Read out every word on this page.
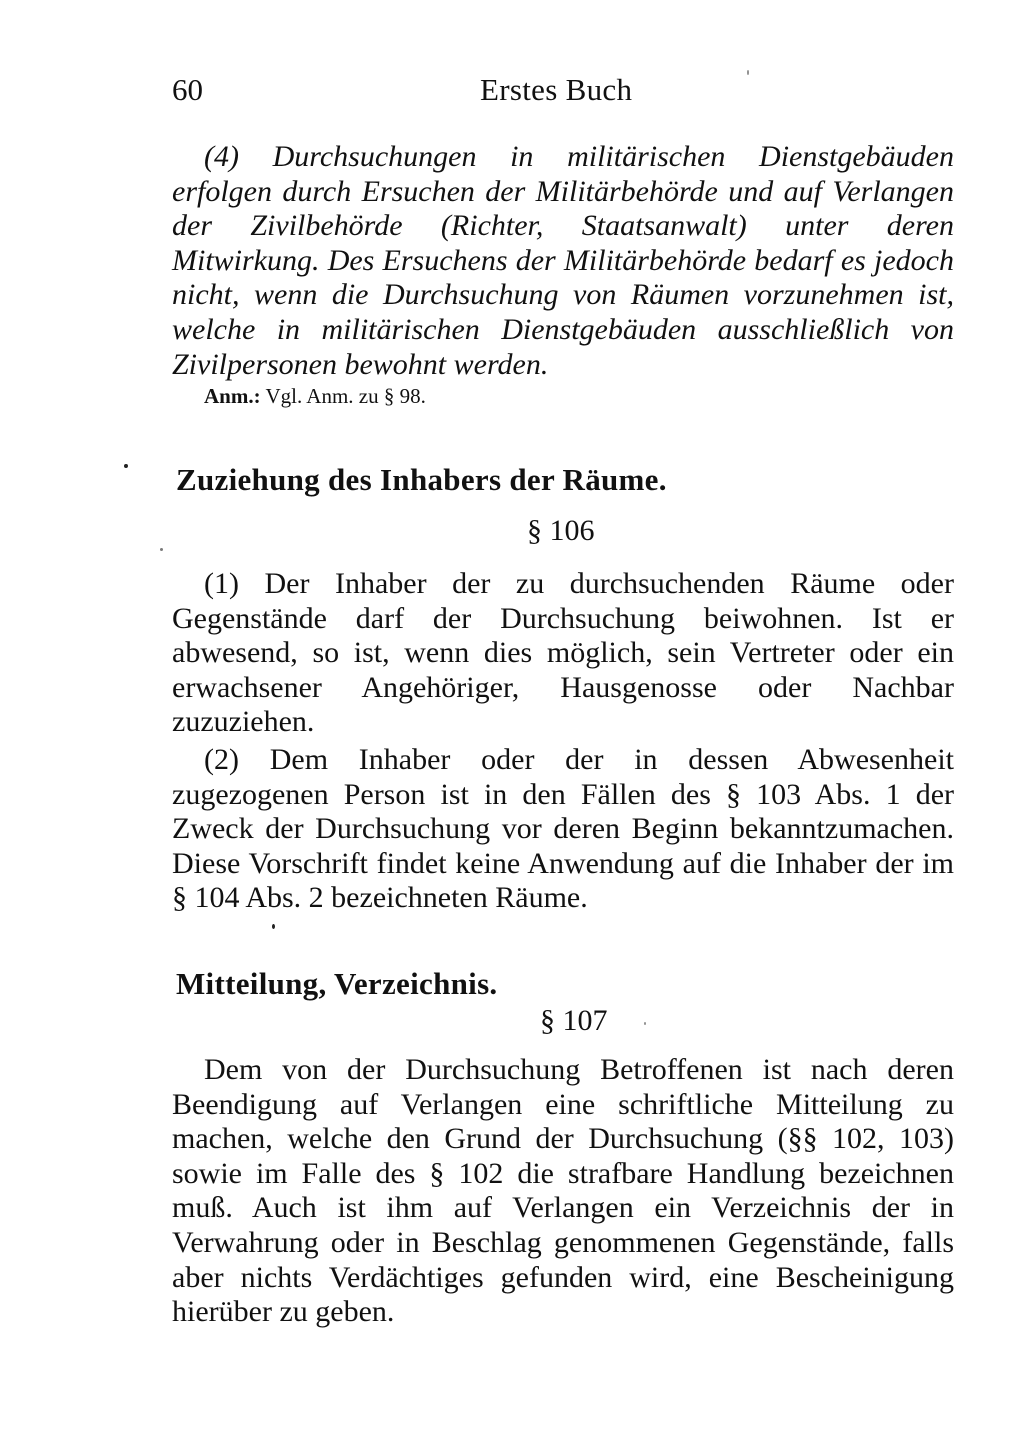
60	Erstes Buch

(4) Durchsuchungen in militärischen Dienstgebäuden erfolgen durch Ersuchen der Militärbehörde und auf Verlangen der Zivilbehörde (Richter, Staatsanwalt) unter deren Mitwirkung. Des Ersuchens der Militärbehörde bedarf es jedoch nicht, wenn die Durchsuchung von Räumen vorzunehmen ist, welche in militärischen Dienstgebäuden ausschließlich von Zivilpersonen bewohnt werden.

Anm.: Vgl. Anm. zu § 98.
Zuziehung des Inhabers der Räume.
§ 106

(1) Der Inhaber der zu durchsuchenden Räume oder Gegenstände darf der Durchsuchung beiwohnen. Ist er abwesend, so ist, wenn dies möglich, sein Vertreter oder ein erwachsener Angehöriger, Hausgenosse oder Nachbar zuzuziehen.

(2) Dem Inhaber oder der in dessen Abwesenheit zugezogenen Person ist in den Fällen des § 103 Abs. 1 der Zweck der Durchsuchung vor deren Beginn bekanntzumachen. Diese Vorschrift findet keine Anwendung auf die Inhaber der im § 104 Abs. 2 bezeichneten Räume.

Mitteilung, Verzeichnis.
§ 107

Dem von der Durchsuchung Betroffenen ist nach deren Beendigung auf Verlangen eine schriftliche Mitteilung zu machen, welche den Grund der Durchsuchung (§§ 102, 103) sowie im Falle des § 102 die strafbare Handlung bezeichnen muß. Auch ist ihm auf Verlangen ein Verzeichnis der in Verwahrung oder in Beschlag genommenen Gegenstände, falls aber nichts Verdächtiges gefunden wird, eine Bescheinigung hierüber zu geben.
